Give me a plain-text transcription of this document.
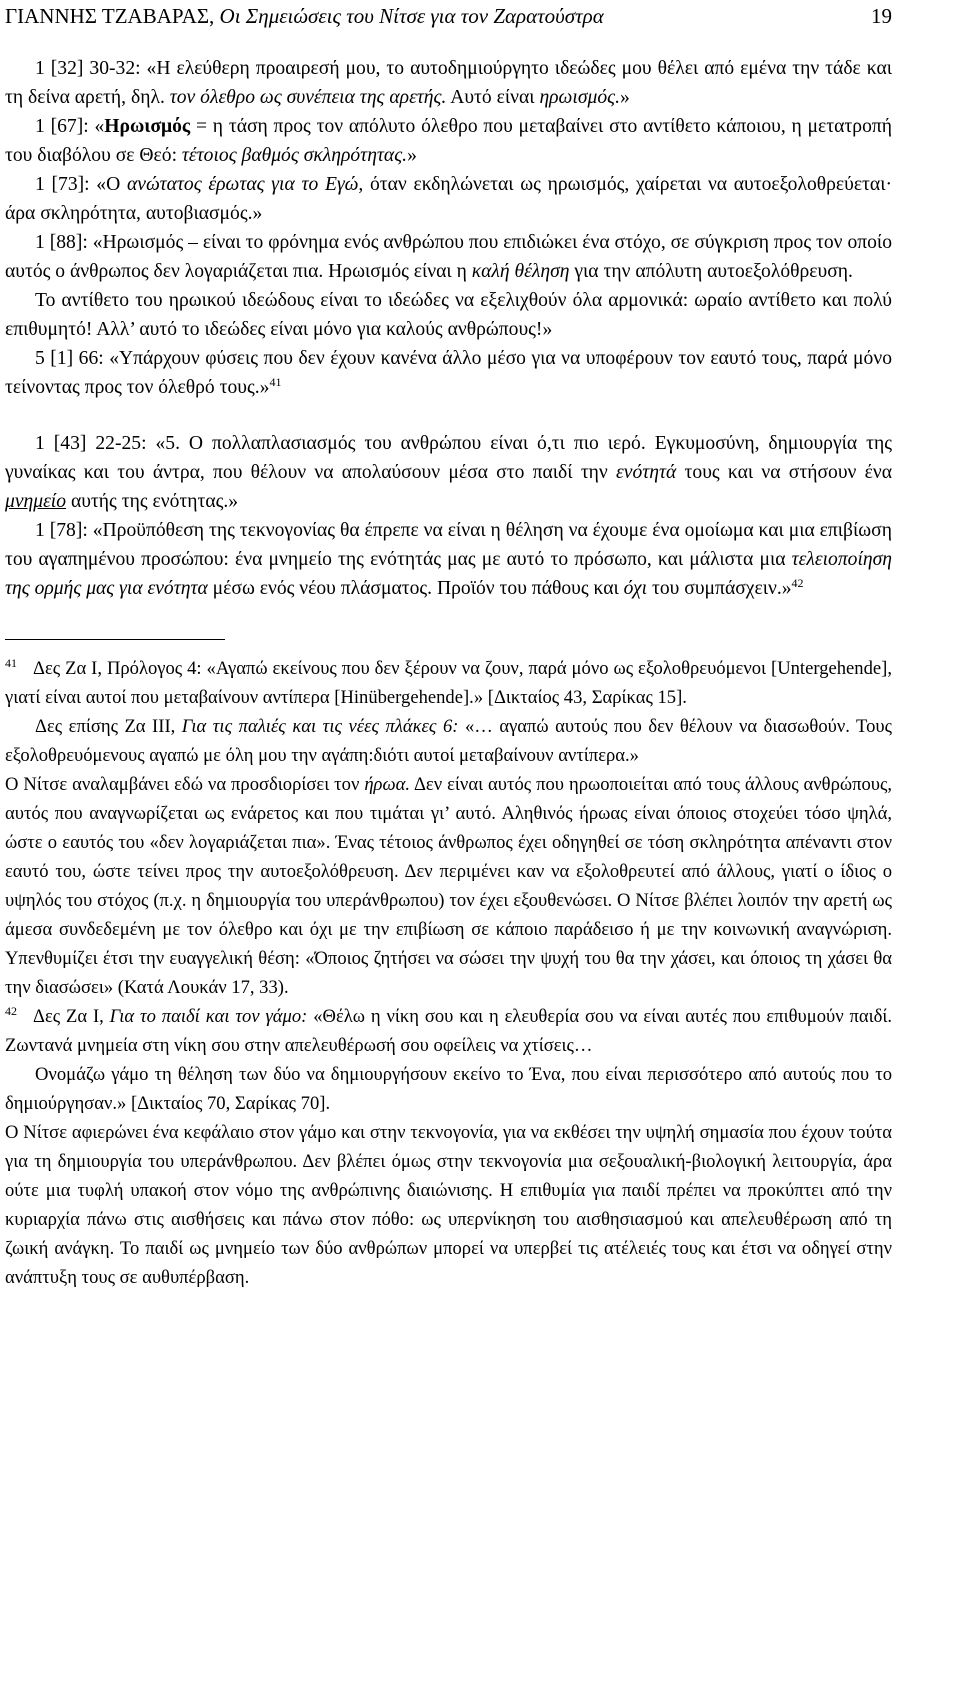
ΓΙΑΝΝΗΣ ΤΖΑΒΑΡΑΣ, Οι Σημειώσεις του Νίτσε για τον Ζαρατούστρα	19

1 [32] 30-32: «Η ελεύθερη προαιρεσή μου, το αυτοδημιούργητο ιδεώδες μου θέλει από εμένα την τάδε και τη δείνα αρετή, δηλ. τον όλεθρο ως συνέπεια της αρετής. Αυτό είναι ηρωισμός.»

1 [67]: «Ηρωισμός = η τάση προς τον απόλυτο όλεθρο που μεταβαίνει στο αντίθετο κάποιου, η μετατροπή του διαβόλου σε Θεό: τέτοιος βαθμός σκληρότητας.»

1 [73]: «Ο ανώτατος έρωτας για το Εγώ, όταν εκδηλώνεται ως ηρωισμός, χαίρεται να αυτοεξολοθρεύεται· άρα σκληρότητα, αυτοβιασμός.»

1 [88]: «Ηρωισμός – είναι το φρόνημα ενός ανθρώπου που επιδιώκει ένα στόχο, σε σύγκριση προς τον οποίο αυτός ο άνθρωπος δεν λογαριάζεται πια. Ηρωισμός είναι η καλή θέληση για την απόλυτη αυτοεξολόθρευση.

Το αντίθετο του ηρωικού ιδεώδους είναι το ιδεώδες να εξελιχθούν όλα αρμονικά: ωραίο αντίθετο και πολύ επιθυμητό! Αλλ’ αυτό το ιδεώδες είναι μόνο για καλούς ανθρώπους!»

5 [1] 66: «Υπάρχουν φύσεις που δεν έχουν κανένα άλλο μέσο για να υποφέρουν τον εαυτό τους, παρά μόνο τείνοντας προς τον όλεθρό τους.»$^{41}$

1 [43] 22-25: «5. Ο πολλαπλασιασμός του ανθρώπου είναι ό,τι πιο ιερό. Εγκυμοσύνη, δημιουργία της γυναίκας και του άντρα, που θέλουν να απολαύσουν μέσα στο παιδί την ενότητά τους και να στήσουν ένα μνημείο αυτής της ενότητας.»

1 [78]: «Προϋπόθεση της τεκνογονίας θα έπρεπε να είναι η θέληση να έχουμε ένα ομοίωμα και μια επιβίωση του αγαπημένου προσώπου: ένα μνημείο της ενότητάς μας με αυτό το πρόσωπο, και μάλιστα μια τελειοποίηση της ορμής μας για ενότητα μέσω ενός νέου πλάσματος. Προϊόν του πάθους και όχι του συμπάσχειν.»$^{42}$

$^{41}$ Δες Ζα Ι, Πρόλογος 4: «Αγαπώ εκείνους που δεν ξέρουν να ζουν, παρά μόνο ως εξολοθρευόμενοι [Untergehende], γιατί είναι αυτοί που μεταβαίνουν αντίπερα [Hinübergehende].» [Δικταίος 43, Σαρίκας 15].

Δες επίσης Ζα ΙΙΙ, Για τις παλιές και τις νέες πλάκες 6: «… αγαπώ αυτούς που δεν θέλουν να διασωθούν. Τους εξολοθρευόμενους αγαπώ με όλη μου την αγάπη:διότι αυτοί μεταβαίνουν αντίπερα.»

Ο Νίτσε αναλαμβάνει εδώ να προσδιορίσει τον ήρωα. Δεν είναι αυτός που ηρωοποιείται από τους άλλους ανθρώπους, αυτός που αναγνωρίζεται ως ενάρετος και που τιμάται γι’ αυτό. Αληθινός ήρωας είναι όποιος στοχεύει τόσο ψηλά, ώστε ο εαυτός του «δεν λογαριάζεται πια». Ένας τέτοιος άνθρωπος έχει οδηγηθεί σε τόση σκληρότητα απέναντι στον εαυτό του, ώστε τείνει προς την αυτοεξολόθρευση. Δεν περιμένει καν να εξολοθρευτεί από άλλους, γιατί ο ίδιος ο υψηλός του στόχος (π.χ. η δημιουργία του υπεράνθρωπου) τον έχει εξουθενώσει. Ο Νίτσε βλέπει λοιπόν την αρετή ως άμεσα συνδεδεμένη με τον όλεθρο και όχι με την επιβίωση σε κάποιο παράδεισο ή με την κοινωνική αναγνώριση. Υπενθυμίζει έτσι την ευαγγελική θέση: «Όποιος ζητήσει να σώσει την ψυχή του θα την χάσει, και όποιος τη χάσει θα την διασώσει» (Κατά Λουκάν 17, 33).

$^{42}$ Δες Ζα Ι, Για το παιδί και τον γάμο: «Θέλω η νίκη σου και η ελευθερία σου να είναι αυτές που επιθυμούν παιδί. Ζωντανά μνημεία στη νίκη σου στην απελευθέρωσή σου οφείλεις να χτίσεις…

Ονομάζω γάμο τη θέληση των δύο να δημιουργήσουν εκείνο το Ένα, που είναι περισσότερο από αυτούς που το δημιούργησαν.» [Δικταίος 70, Σαρίκας 70].

Ο Νίτσε αφιερώνει ένα κεφάλαιο στον γάμο και στην τεκνογονία, για να εκθέσει την υψηλή σημασία που έχουν τούτα για τη δημιουργία του υπεράνθρωπου. Δεν βλέπει όμως στην τεκνογονία μια σεξουαλική-βιολογική λειτουργία, άρα ούτε μια τυφλή υπακοή στον νόμο της ανθρώπινης διαιώνισης. Η επιθυμία για παιδί πρέπει να προκύπτει από την κυριαρχία πάνω στις αισθήσεις και πάνω στον πόθο: ως υπερνίκηση του αισθησιασμού και απελευθέρωση από τη ζωική ανάγκη. Το παιδί ως μνημείο των δύο ανθρώπων μπορεί να υπερβεί τις ατέλειές τους και έτσι να οδηγεί στην ανάπτυξη τους σε αυθυπέρβαση.
